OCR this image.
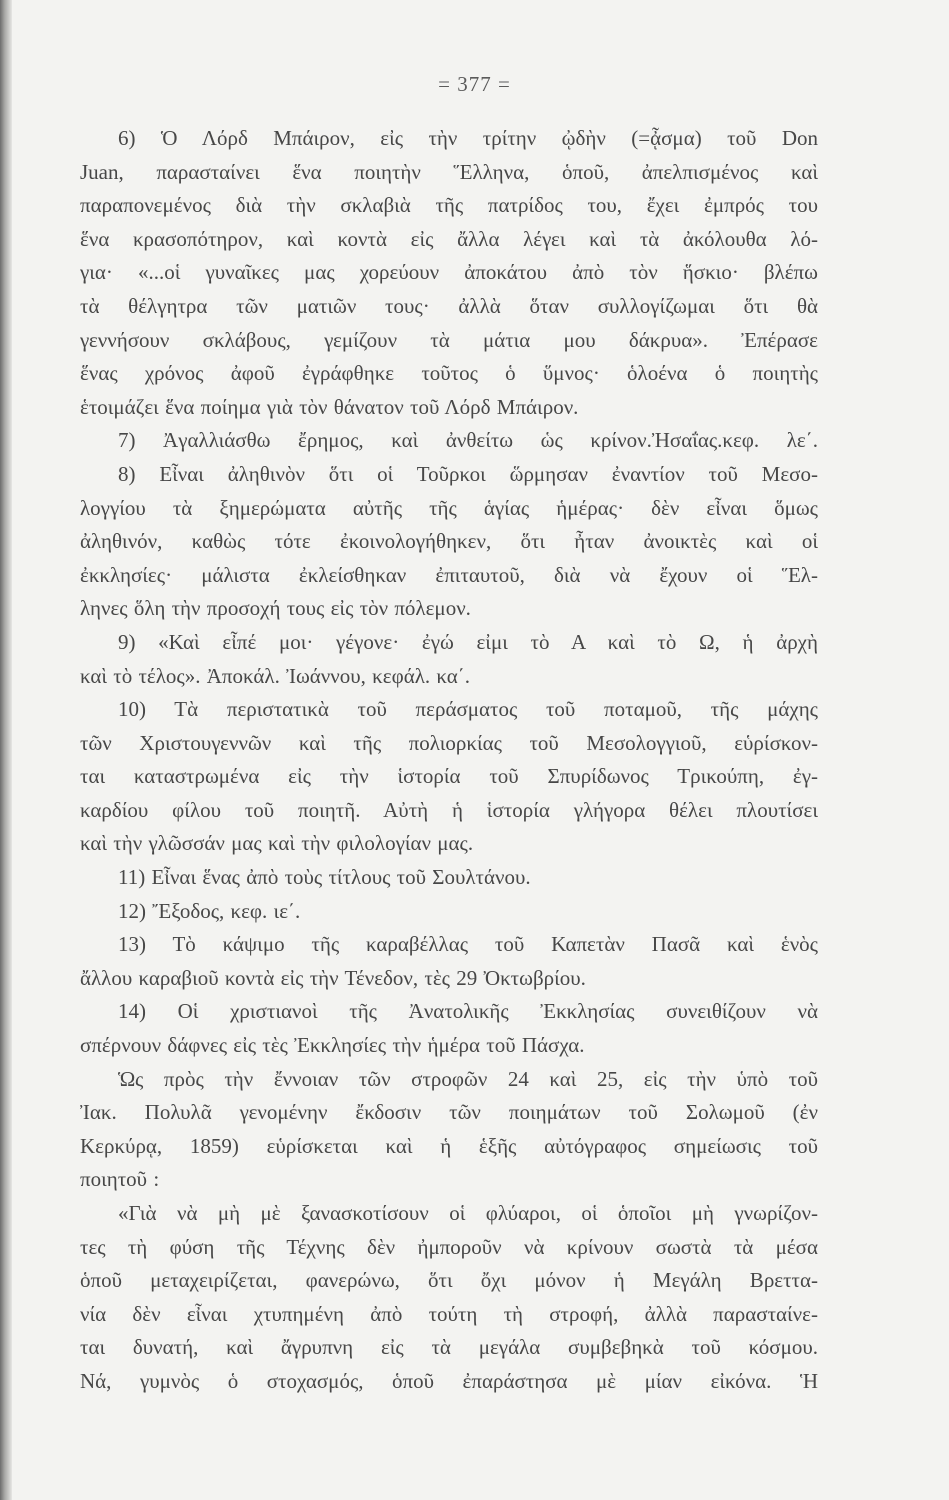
= 377 =
6) Ὁ Λόρδ Μπάιρον, εἰς τὴν τρίτην ᾠδὴν (=ᾆσμα) τοῦ Don
Juan, παρασταίνει ἕνα ποιητὴν Ἕλληνα, ὁποῦ, ἀπελπισμένος καὶ
παραπονεμένος διὰ τὴν σκλαβιὰ τῆς πατρίδος του, ἔχει ἐμπρός του
ἕνα κρασοπότηρον, καὶ κοντὰ εἰς ἄλλα λέγει καὶ τὰ ἀκόλουθα λό-
για· «...οἱ γυναῖκες μας χορεύουν ἀποκάτου ἀπὸ τὸν ἥσκιο· βλέπω
τὰ θέλγητρα τῶν ματιῶν τους· ἀλλὰ ὅταν συλλογίζωμαι ὅτι θὰ
γεννήσουν σκλάβους, γεμίζουν τὰ μάτια μου δάκρυα». Ἐπέρασε
ἕνας χρόνος ἀφοῦ ἐγράφθηκε τοῦτος ὁ ὕμνος· ὁλοένα ὁ ποιητὴς
ἑτοιμάζει ἕνα ποίημα γιὰ τὸν θάνατον τοῦ Λόρδ Μπάιρον.
7) Ἀγαλλιάσθω ἔρημος, καὶ ἀνθείτω ὡς κρίνον.Ἠσαΐας.κεφ. λε΄.
8) Εἶναι ἀληθινὸν ὅτι οἱ Τοῦρκοι ὥρμησαν ἐναντίον τοῦ Μεσο-
λογγίου τὰ ξημερώματα αὐτῆς τῆς ἁγίας ἡμέρας· δὲν εἶναι ὅμως
ἀληθινόν, καθὼς τότε ἐκοινολογήθηκεν, ὅτι ἦταν ἀνοικτὲς καὶ οἱ
ἐκκλησίες· μάλιστα ἐκλείσθηκαν ἐπιταυτοῦ, διὰ νὰ ἔχουν οἱ Ἕλ-
ληνες ὅλη τὴν προσοχή τους εἰς τὸν πόλεμον.
9) «Καὶ εἶπέ μοι· γέγονε· ἐγώ εἰμι τὸ Α καὶ τὸ Ω, ἡ ἀρχὴ
καὶ τὸ τέλος». Ἀποκάλ. Ἰωάννου, κεφάλ. κα΄.
10) Τὰ περιστατικὰ τοῦ περάσματος τοῦ ποταμοῦ, τῆς μάχης
τῶν Χριστουγεννῶν καὶ τῆς πολιορκίας τοῦ Μεσολογγιοῦ, εὑρίσκον-
ται καταστρωμένα εἰς τὴν ἱστορία τοῦ Σπυρίδωνος Τρικούπη, ἐγ-
καρδίου φίλου τοῦ ποιητῆ. Αὐτὴ ἡ ἱστορία γλήγορα θέλει πλουτίσει
καὶ τὴν γλῶσσάν μας καὶ τὴν φιλολογίαν μας.
11) Εἶναι ἕνας ἀπὸ τοὺς τίτλους τοῦ Σουλτάνου.
12) Ἔξοδος, κεφ. ιε΄.
13) Τὸ κάψιμο τῆς καραβέλλας τοῦ Καπετὰν Πασᾶ καὶ ἑνὸς
ἄλλου καραβιοῦ κοντὰ εἰς τὴν Τένεδον, τὲς 29 Ὀκτωβρίου.
14) Οἱ χριστιανοὶ τῆς Ἀνατολικῆς Ἐκκλησίας συνειθίζουν νὰ
σπέρνουν δάφνες εἰς τὲς Ἐκκλησίες τὴν ἡμέρα τοῦ Πάσχα.
Ὡς πρὸς τὴν ἔννοιαν τῶν στροφῶν 24 καὶ 25, εἰς τὴν ὑπὸ τοῦ
Ἰακ. Πολυλᾶ γενομένην ἔκδοσιν τῶν ποιημάτων τοῦ Σολωμοῦ (ἐν
Κερκύρᾳ, 1859) εὑρίσκεται καὶ ἡ ἑξῆς αὐτόγραφος σημείωσις τοῦ
ποιητοῦ :
«Γιὰ νὰ μὴ μὲ ξανασκοτίσουν οἱ φλύαροι, οἱ ὁποῖοι μὴ γνωρίζον-
τες τὴ φύση τῆς Τέχνης δὲν ἠμποροῦν νὰ κρίνουν σωστὰ τὰ μέσα
ὁποῦ μεταχειρίζεται, φανερώνω, ὅτι ὄχι μόνον ἡ Μεγάλη Βρεττα-
νία δὲν εἶναι χτυπημένη ἀπὸ τούτη τὴ στροφή, ἀλλὰ παρασταίνε-
ται δυνατή, καὶ ἄγρυπνη εἰς τὰ μεγάλα συμβεβηκὰ τοῦ κόσμου.
Νά, γυμνὸς ὁ στοχασμός, ὁποῦ ἐπαράστησα μὲ μίαν εἰκόνα. Ἡ
